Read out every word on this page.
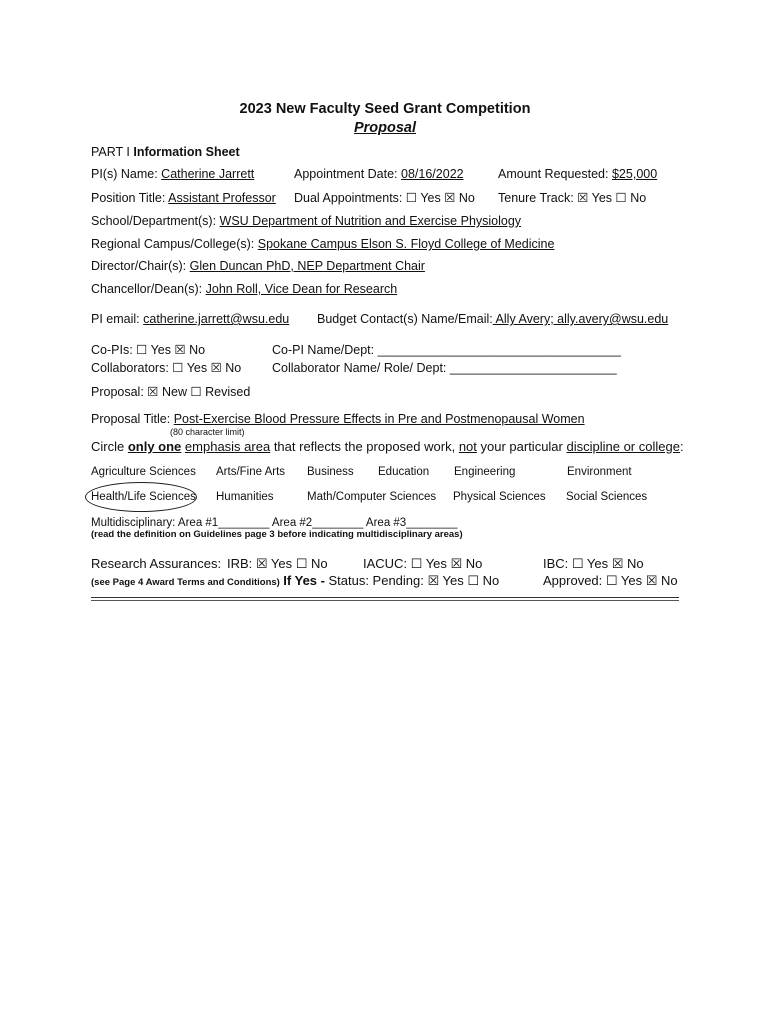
2023 New Faculty Seed Grant Competition
Proposal
PART I Information Sheet
PI(s) Name: Catherine Jarrett	Appointment Date: 08/16/2022	Amount Requested: $25,000
Position Title: Assistant Professor Dual Appointments: ☐ Yes ☒ No Tenure Track: ☒ Yes ☐ No
School/Department(s): WSU Department of Nutrition and Exercise Physiology
Regional Campus/College(s): Spokane Campus Elson S. Floyd College of Medicine
Director/Chair(s): Glen Duncan PhD, NEP Department Chair
Chancellor/Dean(s): John Roll, Vice Dean for Research
PI email: catherine.jarrett@wsu.edu Budget Contact(s) Name/Email: Ally Avery; ally.avery@wsu.edu
Co-PIs: ☐ Yes ☒ No	Co-PI Name/Dept: ___________________________________
Collaborators: ☐ Yes ☒ No Collaborator Name/ Role/ Dept: ________________________
Proposal: ☒ New ☐ Revised
Proposal Title: Post-Exercise Blood Pressure Effects in Pre and Postmenopausal Women
(80 character limit)
Circle only one emphasis area that reflects the proposed work, not your particular discipline or college:
Agriculture Sciences Arts/Fine Arts Business Education Engineering	Environment
Health/Life Sciences Humanities	Math/Computer Sciences Physical Sciences Social Sciences
Multidisciplinary: Area #1________ Area #2________ Area #3________
(read the definition on Guidelines page 3 before indicating multidisciplinary areas)
Research Assurances: IRB: ☒ Yes ☐ No	IACUC: ☐ Yes ☒ No	IBC: ☐ Yes ☒ No
(see Page 4 Award Terms and Conditions) If Yes - Status: Pending: ☒ Yes ☐ No	Approved: ☐ Yes ☒ No
